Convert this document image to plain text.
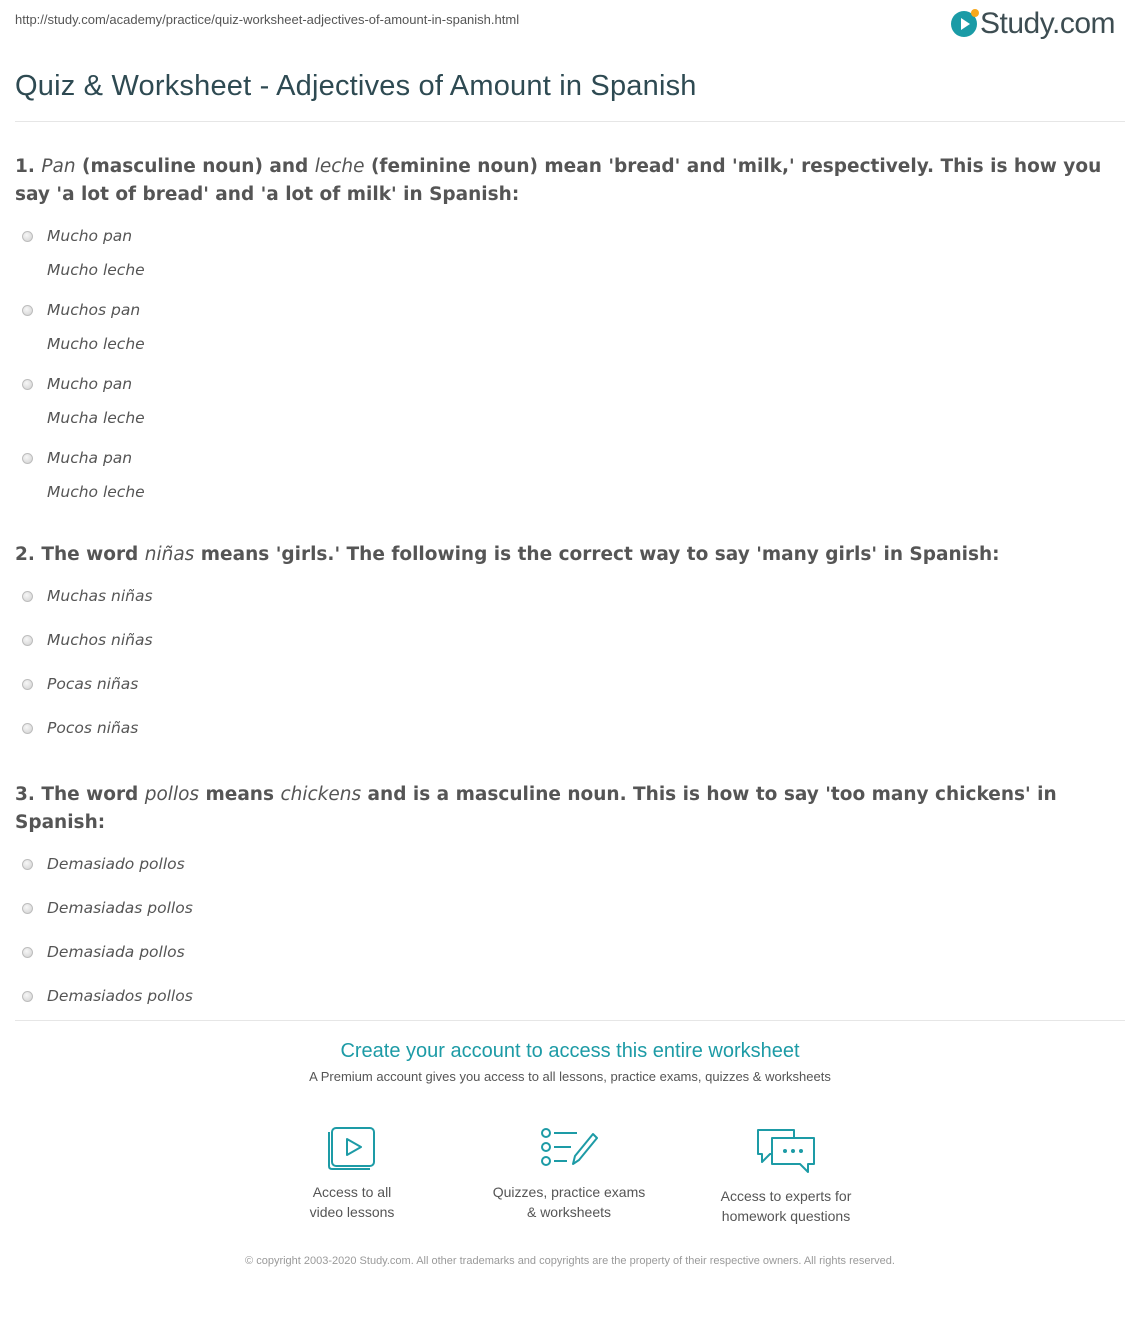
http://study.com/academy/practice/quiz-worksheet-adjectives-of-amount-in-spanish.html	Study.com
Quiz & Worksheet - Adjectives of Amount in Spanish
1. Pan (masculine noun) and leche (feminine noun) mean 'bread' and 'milk,' respectively. This is how you say 'a lot of bread' and 'a lot of milk' in Spanish:
Mucho pan
Mucho leche
Muchos pan
Mucho leche
Mucho pan
Mucha leche
Mucha pan
Mucho leche
2. The word niñas means 'girls.' The following is the correct way to say 'many girls' in Spanish:
Muchas niñas
Muchos niñas
Pocas niñas
Pocos niñas
3. The word pollos means chickens and is a masculine noun. This is how to say 'too many chickens' in Spanish:
Demasiado pollos
Demasiadas pollos
Demasiada pollos
Demasiados pollos
Create your account to access this entire worksheet
A Premium account gives you access to all lessons, practice exams, quizzes & worksheets
Access to all
video lessons
Quizzes, practice exams
& worksheets
Access to experts for
homework questions
© copyright 2003-2020 Study.com. All other trademarks and copyrights are the property of their respective owners. All rights reserved.
